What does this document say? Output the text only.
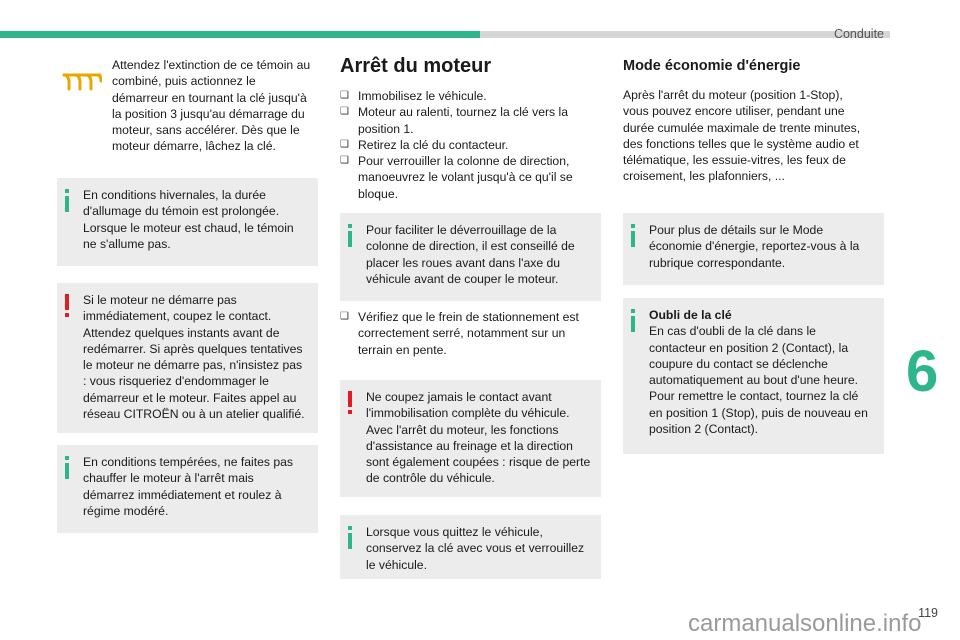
Conduite
6
Attendez l'extinction de ce témoin au combiné, puis actionnez le démarreur en tournant la clé jusqu'à la position 3 jusqu'au démarrage du moteur, sans accélérer. Dès que le moteur démarre, lâchez la clé.

En conditions hivernales, la durée d'allumage du témoin est prolongée. Lorsque le moteur est chaud, le témoin ne s'allume pas.

Si le moteur ne démarre pas immédiatement, coupez le contact. Attendez quelques instants avant de redémarrer. Si après quelques tentatives le moteur ne démarre pas, n'insistez pas : vous risqueriez d'endommager le démarreur et le moteur. Faites appel au réseau CITROËN ou à un atelier qualifié.

En conditions tempérées, ne faites pas chauffer le moteur à l'arrêt mais démarrez immédiatement et roulez à régime modéré.

Arrêt du moteur
❑ Immobilisez le véhicule.
❑ Moteur au ralenti, tournez la clé vers la position 1.
❑ Retirez la clé du contacteur.
❑ Pour verrouiller la colonne de direction, manoeuvrez le volant jusqu'à ce qu'il se bloque.

Pour faciliter le déverrouillage de la colonne de direction, il est conseillé de placer les roues avant dans l'axe du véhicule avant de couper le moteur.

❑ Vérifiez que le frein de stationnement est correctement serré, notamment sur un terrain en pente.

Ne coupez jamais le contact avant l'immobilisation complète du véhicule. Avec l'arrêt du moteur, les fonctions d'assistance au freinage et la direction sont également coupées : risque de perte de contrôle du véhicule.

Lorsque vous quittez le véhicule, conservez la clé avec vous et verrouillez le véhicule.

Mode économie d'énergie

Après l'arrêt du moteur (position 1-Stop), vous pouvez encore utiliser, pendant une durée cumulée maximale de trente minutes, des fonctions telles que le système audio et télématique, les essuie-vitres, les feux de croisement, les plafonniers, ...

Pour plus de détails sur le Mode économie d'énergie, reportez-vous à la rubrique correspondante.

Oubli de la clé

En cas d'oubli de la clé dans le contacteur en position 2 (Contact), la coupure du contact se déclenche automatiquement au bout d'une heure. Pour remettre le contact, tournez la clé en position 1 (Stop), puis de nouveau en position 2 (Contact).

carmanualsonline.info
119
